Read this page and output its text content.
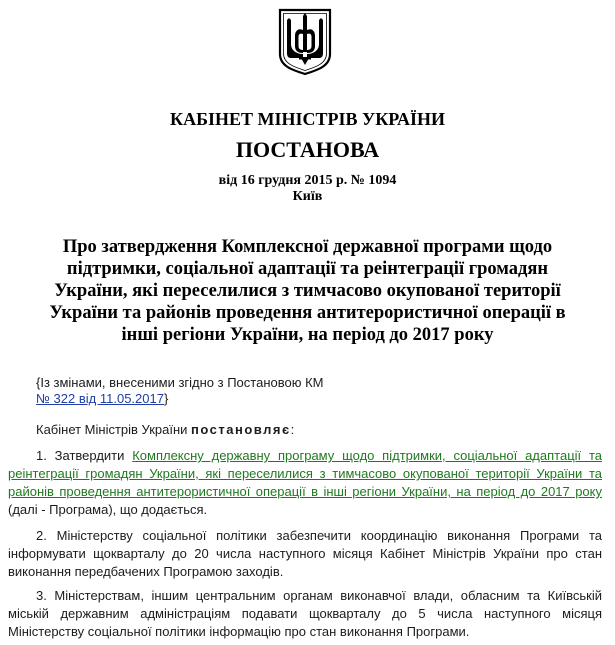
КАБІНЕТ МІНІСТРІВ УКРАЇНИ
ПОСТАНОВА
від 16 грудня 2015 р. № 1094
Київ
Про затвердження Комплексної державної програми щодо підтримки, соціальної адаптації та реінтеграції громадян України, які переселилися з тимчасово окупованої території України та районів проведення антитерористичної операції в інші регіони України, на період до 2017 року
{Із змінами, внесеними згідно з Постановою КМ
№ 322 від 11.05.2017}
Кабінет Міністрів України постановляє:
1. Затвердити Комплексну державну програму щодо підтримки, соціальної адаптації та реінтеграції громадян України, які переселилися з тимчасово окупованої території України та районів проведення антитерористичної операції в інші регіони України, на період до 2017 року (далі - Програма), що додається.
2. Міністерству соціальної політики забезпечити координацію виконання Програми та інформувати щокварталу до 20 числа наступного місяця Кабінет Міністрів України про стан виконання передбачених Програмою заходів.
3. Міністерствам, іншим центральним органам виконавчої влади, обласним та Київській міській державним адміністраціям подавати щокварталу до 5 числа наступного місяця Міністерству соціальної політики інформацію про стан виконання Програми.
